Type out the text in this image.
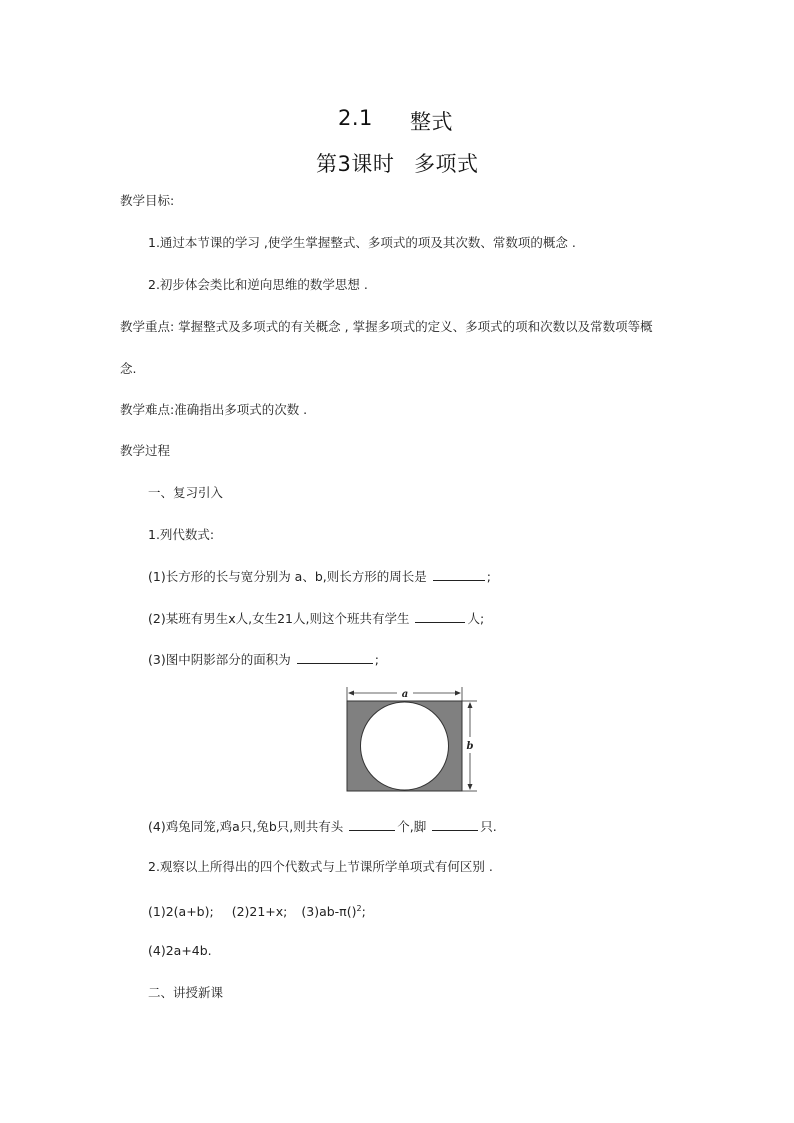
2.1 整式
第3课时 多项式
教学目标:
1.通过本节课的学习 ,使学生掌握整式、多项式的项及其次数、常数项的概念 .
2.初步体会类比和逆向思维的数学思想 .
教学重点: 掌握整式及多项式的有关概念 , 掌握多项式的定义、多项式的项和次数以及常数项等概
念.
教学难点:准确指出多项式的次数 .
教学过程
一、复习引入
1.列代数式:
(1)长方形的长与宽分别为 a、b,则长方形的周长是	;
(2)某班有男生x人,女生21人,则这个班共有学生	人;
(3)图中阴影部分的面积为	;
a
b
(4)鸡兔同笼,鸡a只,兔b只,则共有头	个,脚	只.
2.观察以上所得出的四个代数式与上节课所学单项式有何区别 .
(1)2(a+b); (2)21+x; (3)ab-π()$^2$;
(4)2a+4b.
二、讲授新课
